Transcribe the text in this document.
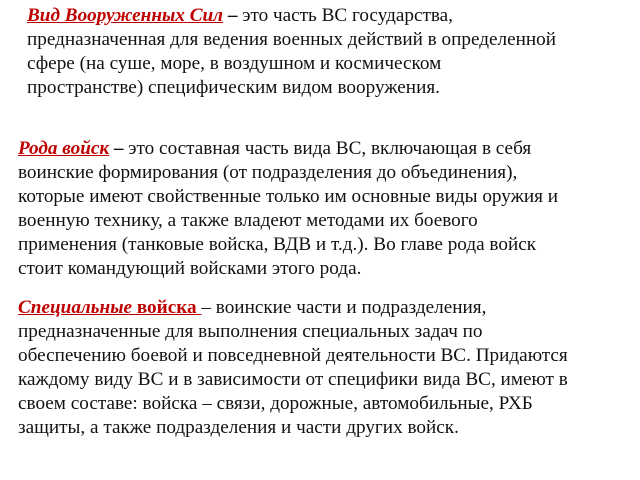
Вид Вооруженных Сил – это часть ВС государства,
предназначенная для ведения военных действий в определенной
сфере (на суше, море, в воздушном и космическом
пространстве) специфическим видом вооружения.

Рода войск – это составная часть вида ВС, включающая в себя
воинские формирования (от подразделения до объединения),
которые имеют свойственные только им основные виды оружия и
военную технику, а также владеют методами их боевого
применения (танковые войска, ВДВ и т.д.). Во главе рода войск
стоит командующий войсками этого рода.

Специальные войска – воинские части и подразделения,
предназначенные для выполнения специальных задач по
обеспечению боевой и повседневной деятельности ВС. Придаются
каждому виду ВС и в зависимости от специфики вида ВС, имеют в
своем составе: войска – связи, дорожные, автомобильные, РХБ
защиты, а также подразделения и части других войск.
